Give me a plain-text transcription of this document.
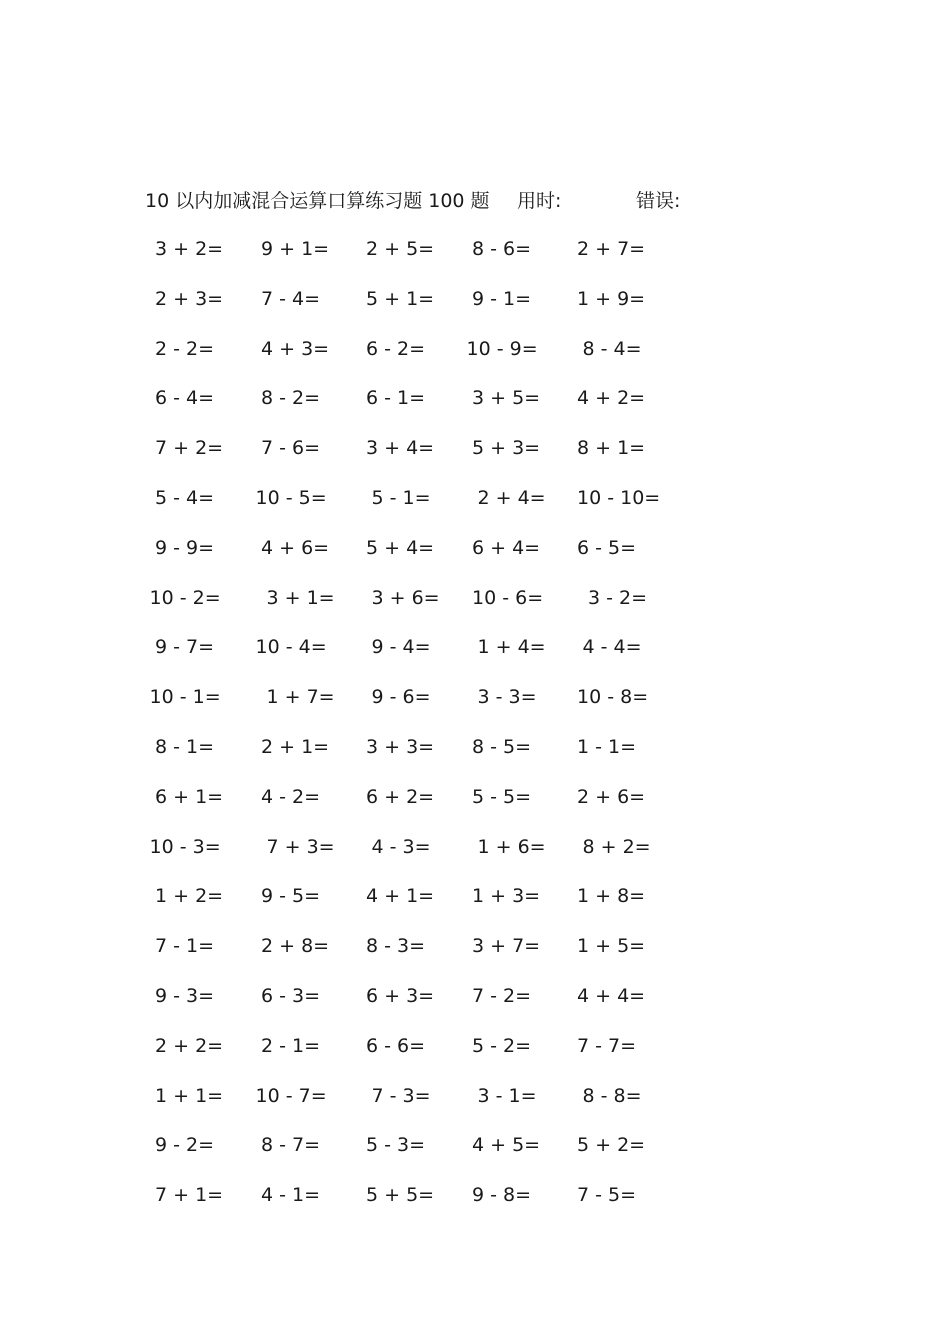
10 以内加减混合运算口算练习题 100 题 用时:	错误:
3 + 2= 9 + 1= 2 + 5= 8 - 6= 2 + 7=
2 + 3= 7 - 4= 5 + 1= 9 - 1= 1 + 9=
2 - 2= 4 + 3= 6 - 2= 10 - 9= 8 - 4=
6 - 4= 8 - 2= 6 - 1= 3 + 5= 4 + 2=
7 + 2= 7 - 6= 3 + 4= 5 + 3= 8 + 1=
5 - 4= 10 - 5= 5 - 1= 2 + 4= 10 - 10=
9 - 9= 4 + 6= 5 + 4= 6 + 4= 6 - 5=
10 - 2= 3 + 1= 3 + 6= 10 - 6= 3 - 2=
9 - 7= 10 - 4= 9 - 4= 1 + 4= 4 - 4=
10 - 1= 1 + 7= 9 - 6= 3 - 3= 10 - 8=
8 - 1= 2 + 1= 3 + 3= 8 - 5= 1 - 1=
6 + 1= 4 - 2= 6 + 2= 5 - 5= 2 + 6=
10 - 3= 7 + 3= 4 - 3= 1 + 6= 8 + 2=
1 + 2= 9 - 5= 4 + 1= 1 + 3= 1 + 8=
7 - 1= 2 + 8= 8 - 3= 3 + 7= 1 + 5=
9 - 3= 6 - 3= 6 + 3= 7 - 2= 4 + 4=
2 + 2= 2 - 1= 6 - 6= 5 - 2= 7 - 7=
1 + 1= 10 - 7= 7 - 3= 3 - 1= 8 - 8=
9 - 2= 8 - 7= 5 - 3= 4 + 5= 5 + 2=
7 + 1= 4 - 1= 5 + 5= 9 - 8= 7 - 5=
